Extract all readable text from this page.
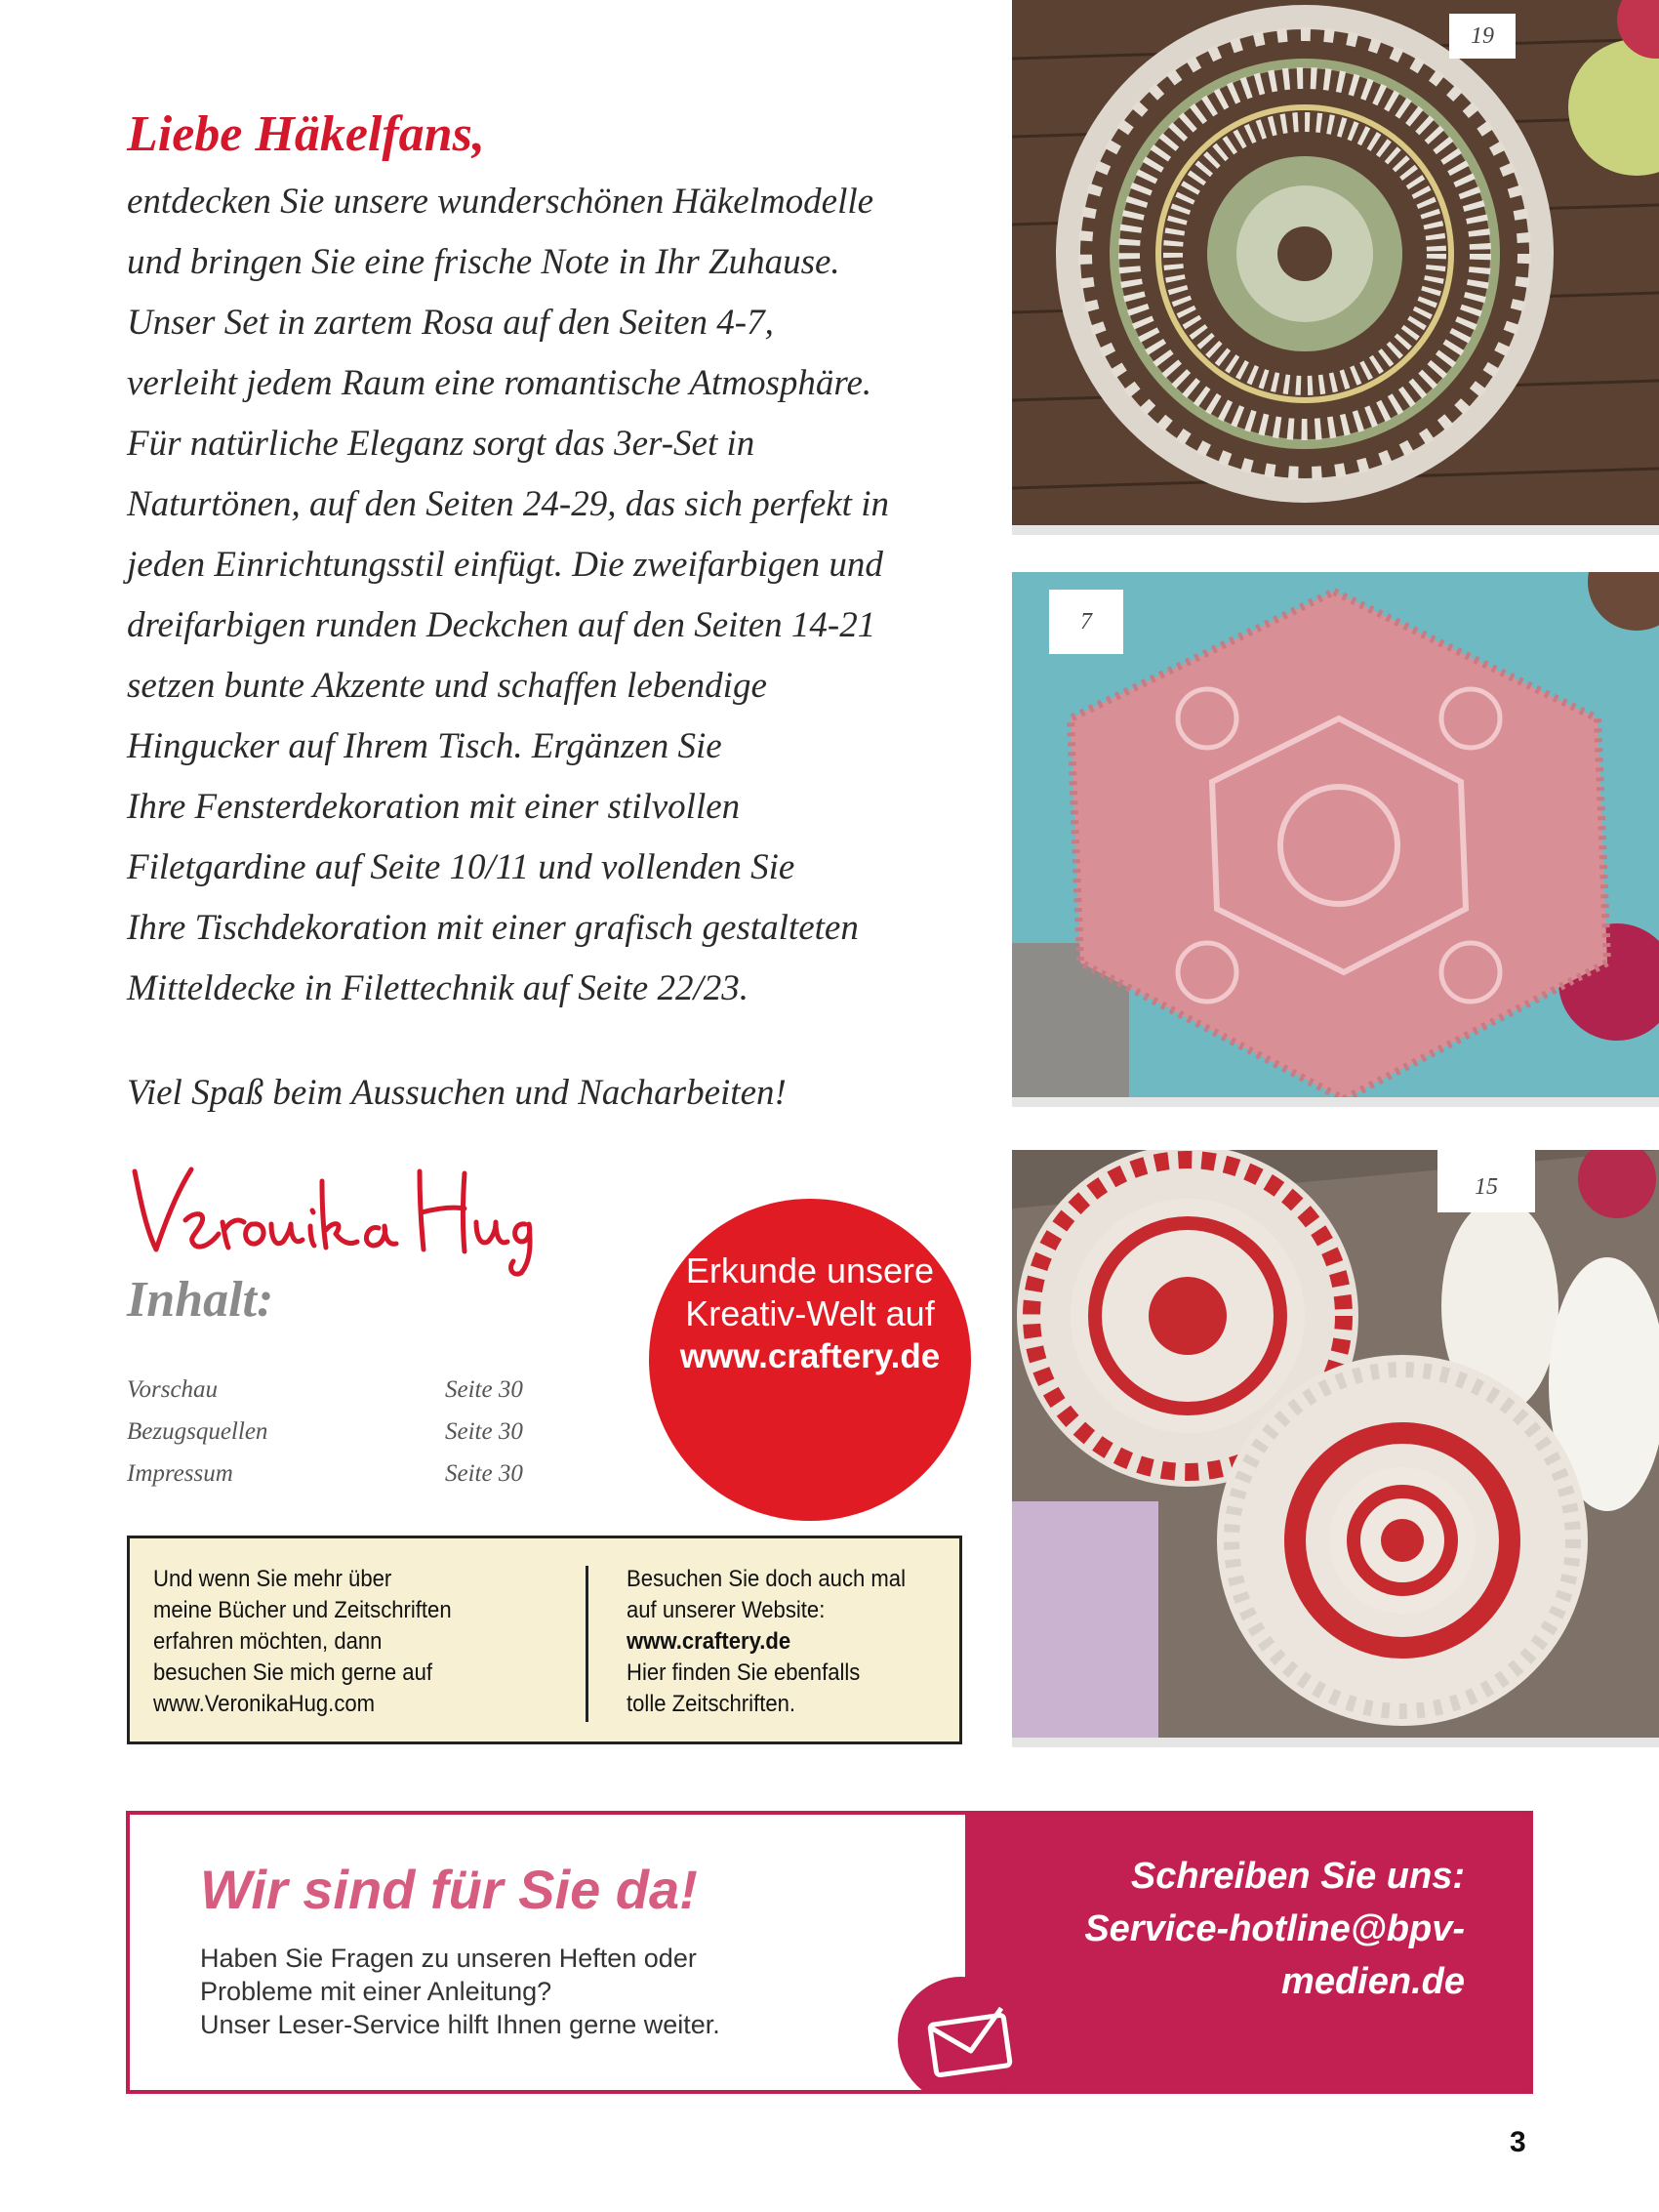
Liebe Häkelfans,
entdecken Sie unsere wunderschönen Häkelmodelle
und bringen Sie eine frische Note in Ihr Zuhause.
Unser Set in zartem Rosa auf den Seiten 4-7,
verleiht jedem Raum eine romantische Atmosphäre.
Für natürliche Eleganz sorgt das 3er-Set in
Naturtönen, auf den Seiten 24-29, das sich perfekt in
jeden Einrichtungsstil einfügt. Die zweifarbigen und
dreifarbigen runden Deckchen auf den Seiten 14-21
setzen bunte Akzente und schaffen lebendige
Hingucker auf Ihrem Tisch. Ergänzen Sie
Ihre Fensterdekoration mit einer stilvollen
Filetgardine auf Seite 10/11 und vollenden Sie
Ihre Tischdekoration mit einer grafisch gestalteten
Mitteldecke in Filettechnik auf Seite 22/23.
Viel Spaß beim Aussuchen und Nacharbeiten!
Inhalt:
Vorschau	Seite 30
Bezugsquellen	Seite 30
Impressum	Seite 30
Erkunde unsere
Kreativ-Welt auf
www.craftery.de
Und wenn Sie mehr über
meine Bücher und Zeitschriften
erfahren möchten, dann
besuchen Sie mich gerne auf
www.VeronikaHug.com
Besuchen Sie doch auch mal
auf unserer Website:
www.craftery.de
Hier finden Sie ebenfalls
tolle Zeitschriften.
19
7
15
Wir sind für Sie da!
Haben Sie Fragen zu unseren Heften oder
Probleme mit einer Anleitung?
Unser Leser-Service hilft Ihnen gerne weiter.
Schreiben Sie uns:
Service-hotline@bpv-
medien.de
3
